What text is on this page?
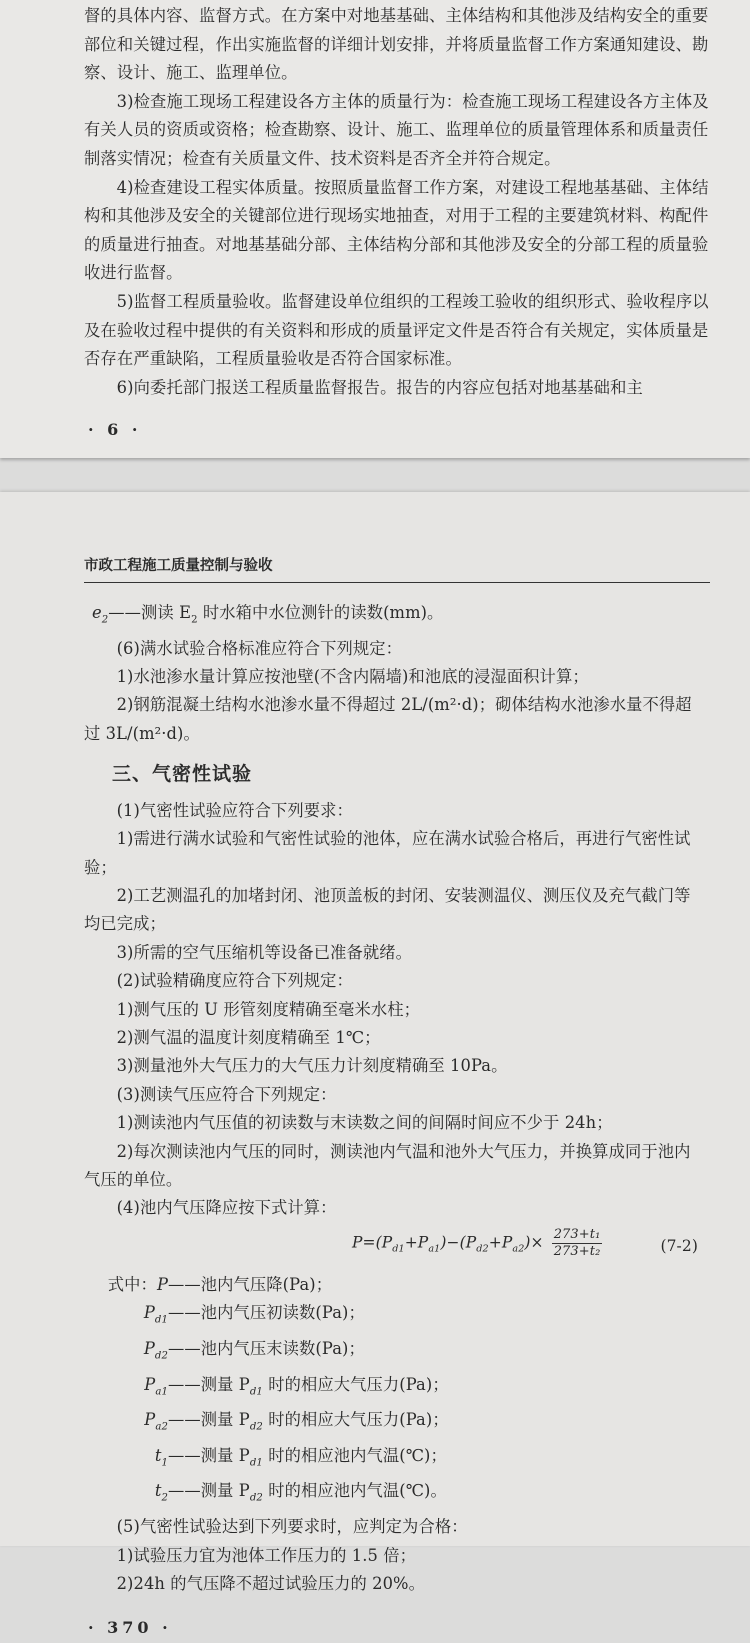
督的具体内容、监督方式。在方案中对地基基础、主体结构和其他涉及结构安全的重要部位和关键过程，作出实施监督的详细计划安排，并将质量监督工作方案通知建设、勘察、设计、施工、监理单位。

3)检查施工现场工程建设各方主体的质量行为：检查施工现场工程建设各方主体及有关人员的资质或资格；检查勘察、设计、施工、监理单位的质量管理体系和质量责任制落实情况；检查有关质量文件、技术资料是否齐全并符合规定。

4)检查建设工程实体质量。按照质量监督工作方案，对建设工程地基基础、主体结构和其他涉及安全的关键部位进行现场实地抽查，对用于工程的主要建筑材料、构配件的质量进行抽查。对地基基础分部、主体结构分部和其他涉及安全的分部工程的质量验收进行监督。

5)监督工程质量验收。监督建设单位组织的工程竣工验收的组织形式、验收程序以及在验收过程中提供的有关资料和形成的质量评定文件是否符合有关规定，实体质量是否存在严重缺陷，工程质量验收是否符合国家标准。

6)向委托部门报送工程质量监督报告。报告的内容应包括对地基基础和主

· 6 ·

市政工程施工质量控制与验收

$e_2——$测读 $E_2$ 时水箱中水位测针的读数(mm)。

(6)满水试验合格标准应符合下列规定：

1)水池渗水量计算应按池壁(不含内隔墙)和池底的浸湿面积计算；

2)钢筋混凝土结构水池渗水量不得超过 2L/(m²·d)；砌体结构水池渗水量不得超过 3L/(m²·d)。

三、气密性试验

(1)气密性试验应符合下列要求：

1)需进行满水试验和气密性试验的池体，应在满水试验合格后，再进行气密性试验；

2)工艺测温孔的加堵封闭、池顶盖板的封闭、安装测温仪、测压仪及充气截门等均已完成；

3)所需的空气压缩机等设备已准备就绪。

(2)试验精确度应符合下列规定：

1)测气压的 U 形管刻度精确至毫米水柱；

2)测气温的温度计刻度精确至 1℃；

3)测量池外大气压力的大气压力计刻度精确至 10Pa。

(3)测读气压应符合下列规定：

1)测读池内气压值的初读数与末读数之间的间隔时间应不少于 24h；

2)每次测读池内气压的同时，测读池内气温和池外大气压力，并换算成同于池内气压的单位。

(4)池内气压降应按下式计算：

$P=(P_{d1}+P_{a1})-(P_{d2}+P_{a2})\times \frac{\text{273+t₁}}{\text{273+t₂}}$	(7-2)
式中：P ——池内气压降(Pa)；
$P_{d1}$ ——池内气压初读数(Pa)；
$P_{d2}$ ——池内气压末读数(Pa)；
$P_{a1}$ ——测量 $P_{d1}$ 时的相应大气压力(Pa)；
$P_{a2}$ ——测量 $P_{d2}$ 时的相应大气压力(Pa)；
$t_1$ ——测量 $P_{d1}$ 时的相应池内气温(℃)；
$t_2$ ——测量 $P_{d2}$ 时的相应池内气温(℃)。

(5)气密性试验达到下列要求时，应判定为合格：

1)试验压力宜为池体工作压力的 1.5 倍；

2)24h 的气压降不超过试验压力的 20%。

· 370 ·
